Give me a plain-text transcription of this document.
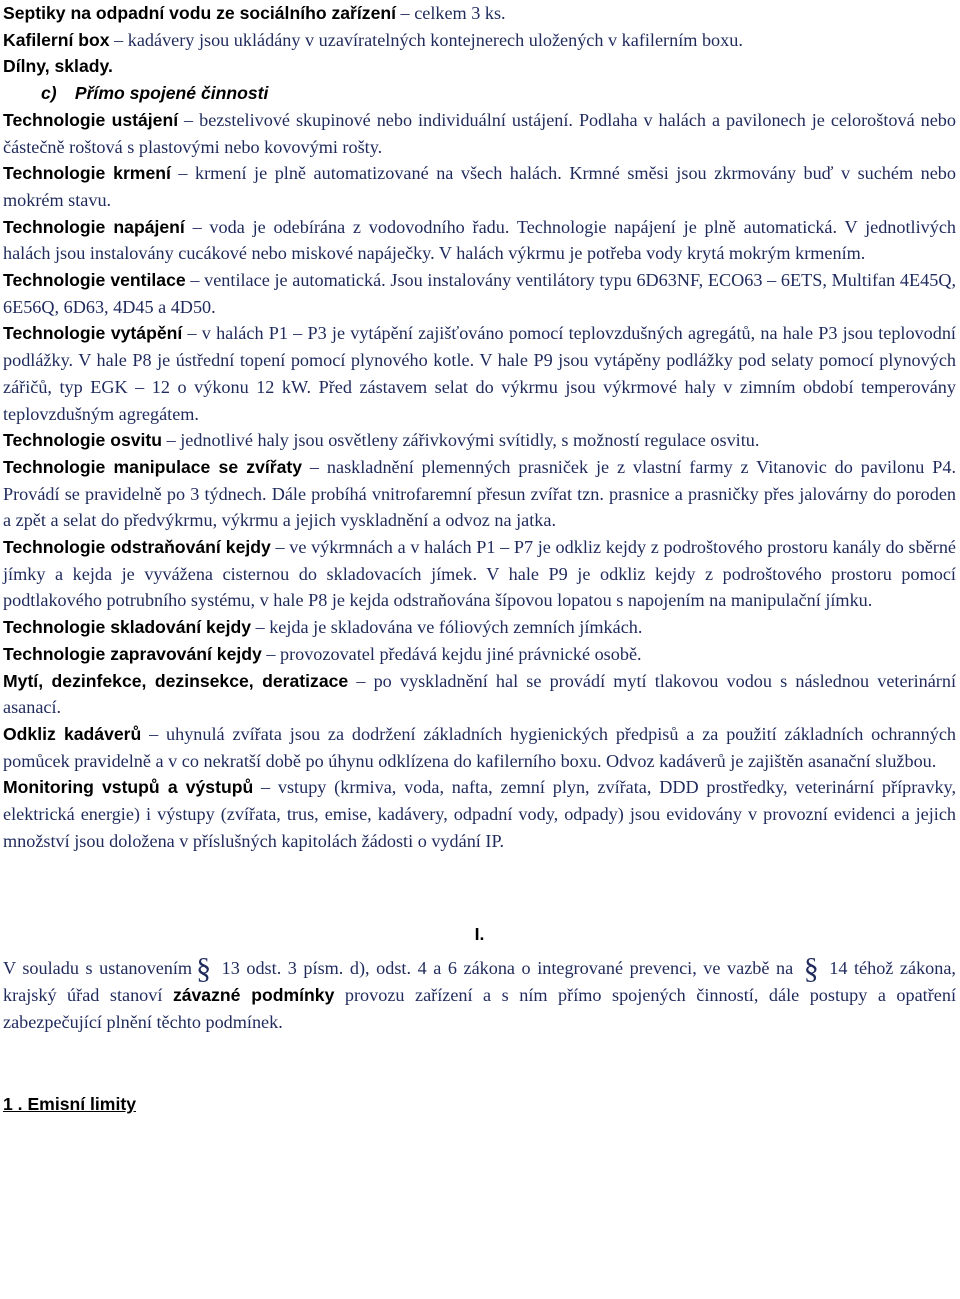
Septiky na odpadní vodu ze sociálního zařízení – celkem 3 ks.

Kafilerní box – kadávery jsou ukládány v uzavíratelných kontejnerech uložených v kafilerním boxu.

Dílny, sklady.

c) Přímo spojené činnosti

Technologie ustájení – bezstelivové skupinové nebo individuální ustájení. Podlaha v halách a pavilonech je celoroštová nebo částečně roštová s plastovými nebo kovovými rošty.

Technologie krmení – krmení je plně automatizované na všech halách. Krmné směsi jsou zkrmovány buď v suchém nebo mokrém stavu.

Technologie napájení – voda je odebírána z vodovodního řadu. Technologie napájení je plně automatická. V jednotlivých halách jsou instalovány cucákové nebo miskové napáječky. V halách výkrmu je potřeba vody krytá mokrým krmením.

Technologie ventilace – ventilace je automatická. Jsou instalovány ventilátory typu 6D63NF, ECO63 – 6ETS, Multifan 4E45Q, 6E56Q, 6D63, 4D45 a 4D50.

Technologie vytápění – v halách P1 – P3 je vytápění zajišťováno pomocí teplovzdušných agregátů, na hale P3 jsou teplovodní podlážky. V hale P8 je ústřední topení pomocí plynového kotle. V hale P9 jsou vytápěny podlážky pod selaty pomocí plynových zářičů, typ EGK – 12 o výkonu 12 kW. Před zástavem selat do výkrmu jsou výkrmové haly v zimním období temperovány teplovzdušným agregátem.

Technologie osvitu – jednotlivé haly jsou osvětleny zářivkovými svítidly, s možností regulace osvitu.

Technologie manipulace se zvířaty – naskladnění plemenných prasniček je z vlastní farmy z Vitanovic do pavilonu P4. Provádí se pravidelně po 3 týdnech. Dále probíhá vnitrofaremní přesun zvířat tzn. prasnice a prasničky přes jalovárny do poroden a zpět a selat do předvýkrmu, výkrmu a jejich vyskladnění a odvoz na jatka.

Technologie odstraňování kejdy – ve výkrmnách a v halách P1 – P7 je odkliz kejdy z podroštového prostoru kanály do sběrné jímky a kejda je vyvážena cisternou do skladovacích jímek. V hale P9 je odkliz kejdy z podroštového prostoru pomocí podtlakového potrubního systému, v hale P8 je kejda odstraňována šípovou lopatou s napojením na manipulační jímku.

Technologie skladování kejdy – kejda je skladována ve fóliových zemních jímkách.

Technologie zapravování kejdy – provozovatel předává kejdu jiné právnické osobě.

Mytí, dezinfekce, dezinsekce, deratizace – po vyskladnění hal se provádí mytí tlakovou vodou s následnou veterinární asanací.

Odkliz kadáverů – uhynulá zvířata jsou za dodržení základních hygienických předpisů a za použití základních ochranných pomůcek pravidelně a v co nekratší době po úhynu odklízena do kafilerního boxu. Odvoz kadáverů je zajištěn asanační službou.

Monitoring vstupů a výstupů – vstupy (krmiva, voda, nafta, zemní plyn, zvířata, DDD prostředky, veterinární přípravky, elektrická energie) i výstupy (zvířata, trus, emise, kadávery, odpadní vody, odpady) jsou evidovány v provozní evidenci a jejich množství jsou doložena v příslušných kapitolách žádosti o vydání IP.

I.

V souladu s ustanovením § 13 odst. 3 písm. d), odst. 4 a 6 zákona o integrované prevenci, ve vazbě na § 14 téhož zákona, krajský úřad stanoví závazné podmínky provozu zařízení a s ním přímo spojených činností, dále postupy a opatření zabezpečující plnění těchto podmínek.

1 . Emisní limity
